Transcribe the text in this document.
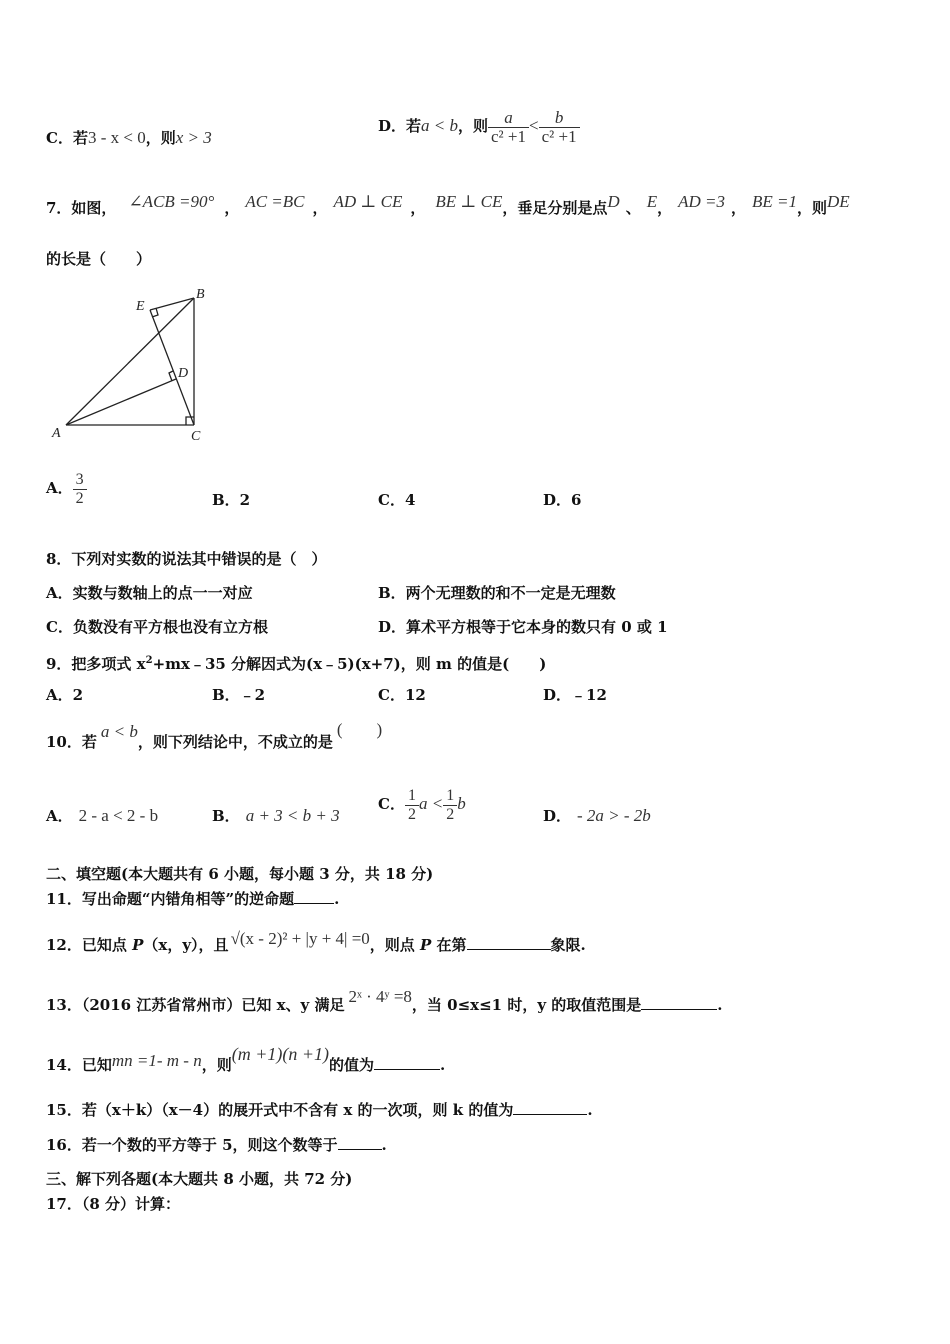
C．若3 - x < 0，则x > 3
D．若a < b，则 $\frac{a}{\text{c² +1}} < \frac{b}{\text{c² +1}}$
7．如图， ∠ACB =90° ， AC =BC ， AD ⊥ CE ， BE ⊥ CE，垂足分别是点D 、 E， AD =3 ， BE =1，则DE
的长是（　　）
E
B
D
A	C
A． $\frac{3}{2}$	B．2	C．4	D．6
8．下列对实数的说法其中错误的是（　）
A．实数与数轴上的点一一对应	B．两个无理数的和不一定是无理数
C．负数没有平方根也没有立方根	D．算术平方根等于它本身的数只有 0 或 1
9．把多项式 $x^2+mx﹣35$ 分解因式为(x﹣5)(x+7)，则 m 的值是(　　)
A．2	B．﹣2	C．12	D．﹣12
10．若a < b，则下列结论中，不成立的是(　　)
A． 2 - a < 2 - b	B． a + 3 < b + 3
C． $\frac{1}{2}$ $a < \frac{1}{2}$ b
D． - 2a > - 2b
二、填空题(本大题共有 6 小题，每小题 3 分，共 18 分)
11．写出命题“内错角相等”的逆命题	.
12．已知点 P（x，y），且 √(x - 2)² + |y + 4| =0，则点 P 在第	象限.
13．（2016 江苏省常州市）已知 x、y 满足 2ˣ · 4ʸ =8，当 0≤x≤1 时，y 的取值范围是	.
14．已知mn =1- m - n，则(m +1)(n +1)的值为	.
15．若（x＋k）（x－4）的展开式中不含有 x 的一次项，则 k 的值为	.
16．若一个数的平方等于 5，则这个数等于	.
三、解下列各题(本大题共 8 小题，共 72 分)
17．（8 分）计算：
